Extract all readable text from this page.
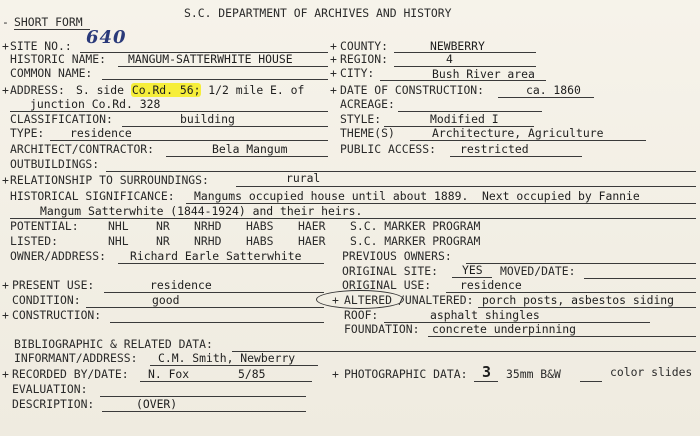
- SHORT FORM
S.C. DEPARTMENT OF ARCHIVES AND HISTORY
+ SITE NO.: 640	+ COUNTY:	NEWBERRY
HISTORIC NAME: MANGUM-SATTERWHITE HOUSE	+ REGION:	4
COMMON NAME:	+ CITY:	Bush River area
+ ADDRESS: S. side Co.Rd. 56; 1/2 mile E. of + DATE OF CONSTRUCTION:	ca. 1860
junction Co.Rd. 328	ACREAGE:
CLASSIFICATION:	building	STYLE:	Modified I
TYPE: residence	THEME(S)	Architecture, Agriculture
ARCHITECT/CONTRACTOR:	Bela Mangum	PUBLIC ACCESS: restricted
OUTBUILDINGS:
+ RELATIONSHIP TO SURROUNDINGS:	rural
HISTORICAL SIGNIFICANCE: Mangums occupied house until about 1889.  Next occupied by Fannie
Mangum Satterwhite (1844-1924) and their heirs.
POTENTIAL:	NHL NR NRHD HABS HAER S.C. MARKER PROGRAM
LISTED:	NHL NR NRHD HABS HAER S.C. MARKER PROGRAM
OWNER/ADDRESS: Richard Earle Satterwhite	PREVIOUS OWNERS:
ORIGINAL SITE: YES MOVED/DATE:
+ PRESENT USE:	residence	ORIGINAL USE:	residence
CONDITION:	good	+ ALTERED /UNALTERED: porch posts, asbestos siding
+ CONSTRUCTION:	ROOF:	asphalt shingles
FOUNDATION: concrete underpinning
BIBLIOGRAPHIC & RELATED DATA:
INFORMANT/ADDRESS: C.M. Smith, Newberry
+ RECORDED BY/DATE: N. Fox	5/85	+ PHOTOGRAPHIC DATA: 3 35mm B&W	color slides
EVALUATION:
DESCRIPTION:	(OVER)
